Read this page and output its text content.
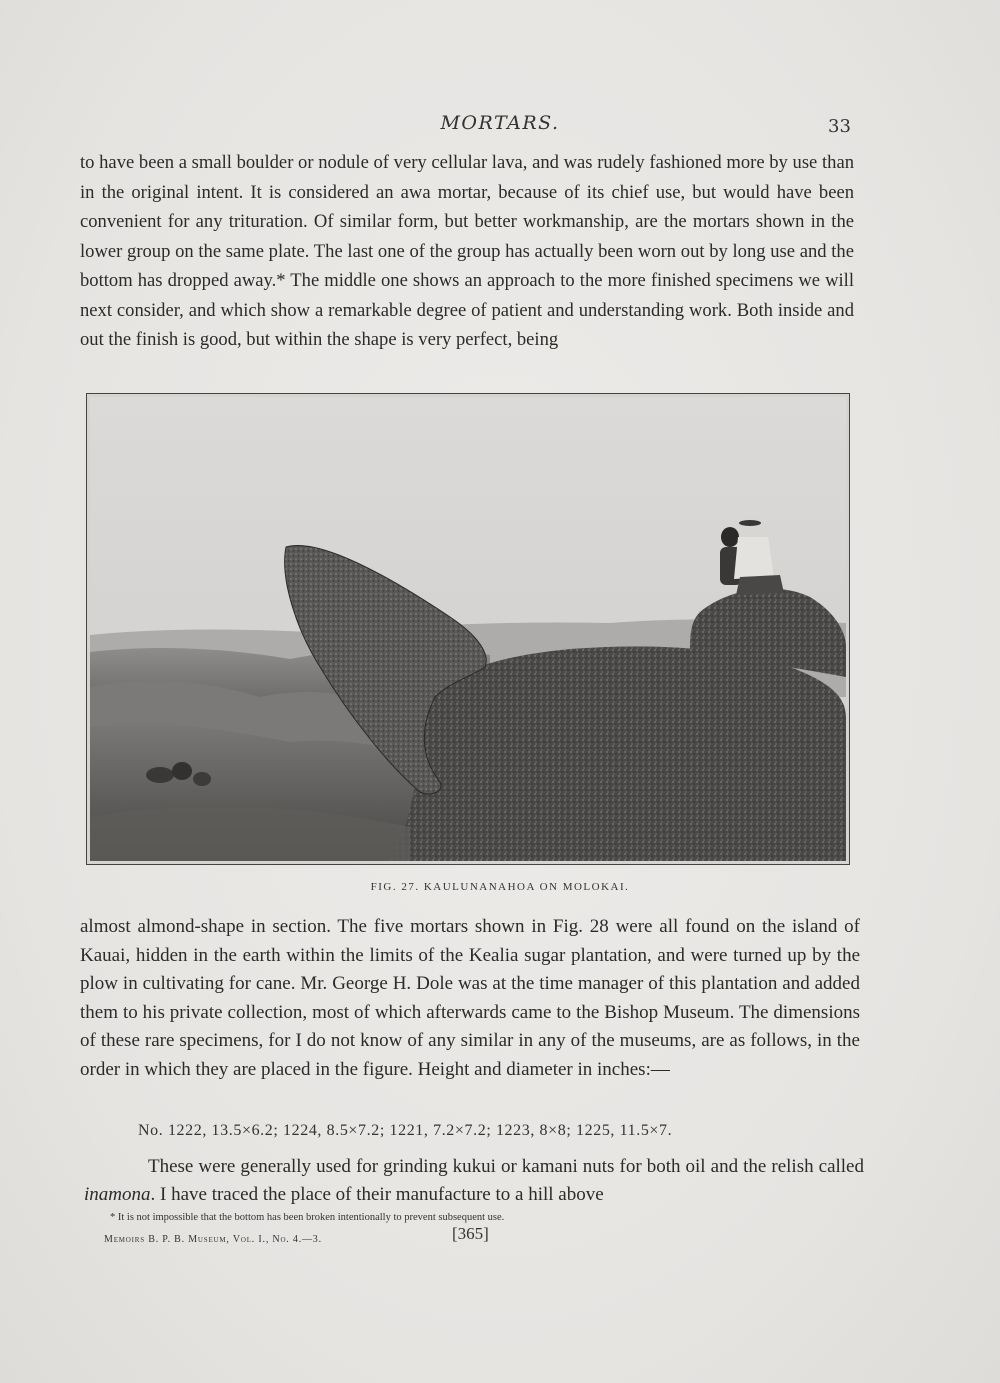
MORTARS.	33

to have been a small boulder or nodule of very cellular lava, and was rudely fashioned more by use than in the original intent. It is considered an awa mortar, because of its chief use, but would have been convenient for any trituration. Of similar form, but better workmanship, are the mortars shown in the lower group on the same plate. The last one of the group has actually been worn out by long use and the bottom has dropped away.* The middle one shows an approach to the more finished specimens we will next consider, and which show a remarkable degree of patient and understanding work. Both inside and out the finish is good, but within the shape is very perfect, being

FIG. 27. KAULUNANAHOA ON MOLOKAI.

almost almond-shape in section. The five mortars shown in Fig. 28 were all found on the island of Kauai, hidden in the earth within the limits of the Kealia sugar plantation, and were turned up by the plow in cultivating for cane. Mr. George H. Dole was at the time manager of this plantation and added them to his private collection, most of which afterwards came to the Bishop Museum. The dimensions of these rare specimens, for I do not know of any similar in any of the museums, are as follows, in the order in which they are placed in the figure. Height and diameter in inches:—

No. 1222, 13.5×6.2; 1224, 8.5×7.2; 1221, 7.2×7.2; 1223, 8×8; 1225, 11.5×7.

These were generally used for grinding kukui or kamani nuts for both oil and the relish called inamona. I have traced the place of their manufacture to a hill above

* It is not impossible that the bottom has been broken intentionally to prevent subsequent use.
Memoirs B. P. B. Museum, Vol. I., No. 4.—3.	[365]
